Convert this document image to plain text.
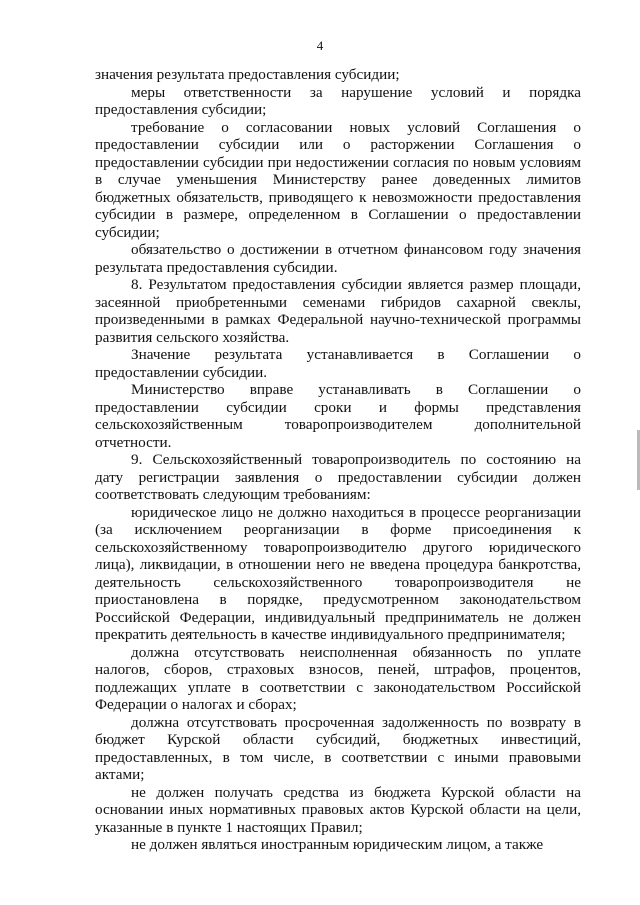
4

значения результата предоставления субсидии;

меры ответственности за нарушение условий и порядка предоставления субсидии;

требование о согласовании новых условий Соглашения о предоставлении субсидии или о расторжении Соглашения о предоставлении субсидии при недостижении согласия по новым условиям в случае уменьшения Министерству ранее доведенных лимитов бюджетных обязательств, приводящего к невозможности предоставления субсидии в размере, определенном в Соглашении о предоставлении субсидии;

обязательство о достижении в отчетном финансовом году значения результата предоставления субсидии.

8. Результатом предоставления субсидии является размер площади, засеянной приобретенными семенами гибридов сахарной свеклы, произведенными в рамках Федеральной научно-технической программы развития сельского хозяйства.

Значение результата устанавливается в Соглашении о предоставлении субсидии.

Министерство вправе устанавливать в Соглашении о предоставлении субсидии сроки и формы представления сельскохозяйственным товаропроизводителем дополнительной отчетности.

9. Сельскохозяйственный товаропроизводитель по состоянию на дату регистрации заявления о предоставлении субсидии должен соответствовать следующим требованиям:

юридическое лицо не должно находиться в процессе реорганизации (за исключением реорганизации в форме присоединения к сельскохозяйственному товаропроизводителю другого юридического лица), ликвидации, в отношении него не введена процедура банкротства, деятельность сельскохозяйственного товаропроизводителя не приостановлена в порядке, предусмотренном законодательством Российской Федерации, индивидуальный предприниматель не должен прекратить деятельность в качестве индивидуального предпринимателя;

должна отсутствовать неисполненная обязанность по уплате налогов, сборов, страховых взносов, пеней, штрафов, процентов, подлежащих уплате в соответствии с законодательством Российской Федерации о налогах и сборах;

должна отсутствовать просроченная задолженность по возврату в бюджет Курской области субсидий, бюджетных инвестиций, предоставленных, в том числе, в соответствии с иными правовыми актами;

не должен получать средства из бюджета Курской области на основании иных нормативных правовых актов Курской области на цели, указанные в пункте 1 настоящих Правил;

не должен являться иностранным юридическим лицом, а также
